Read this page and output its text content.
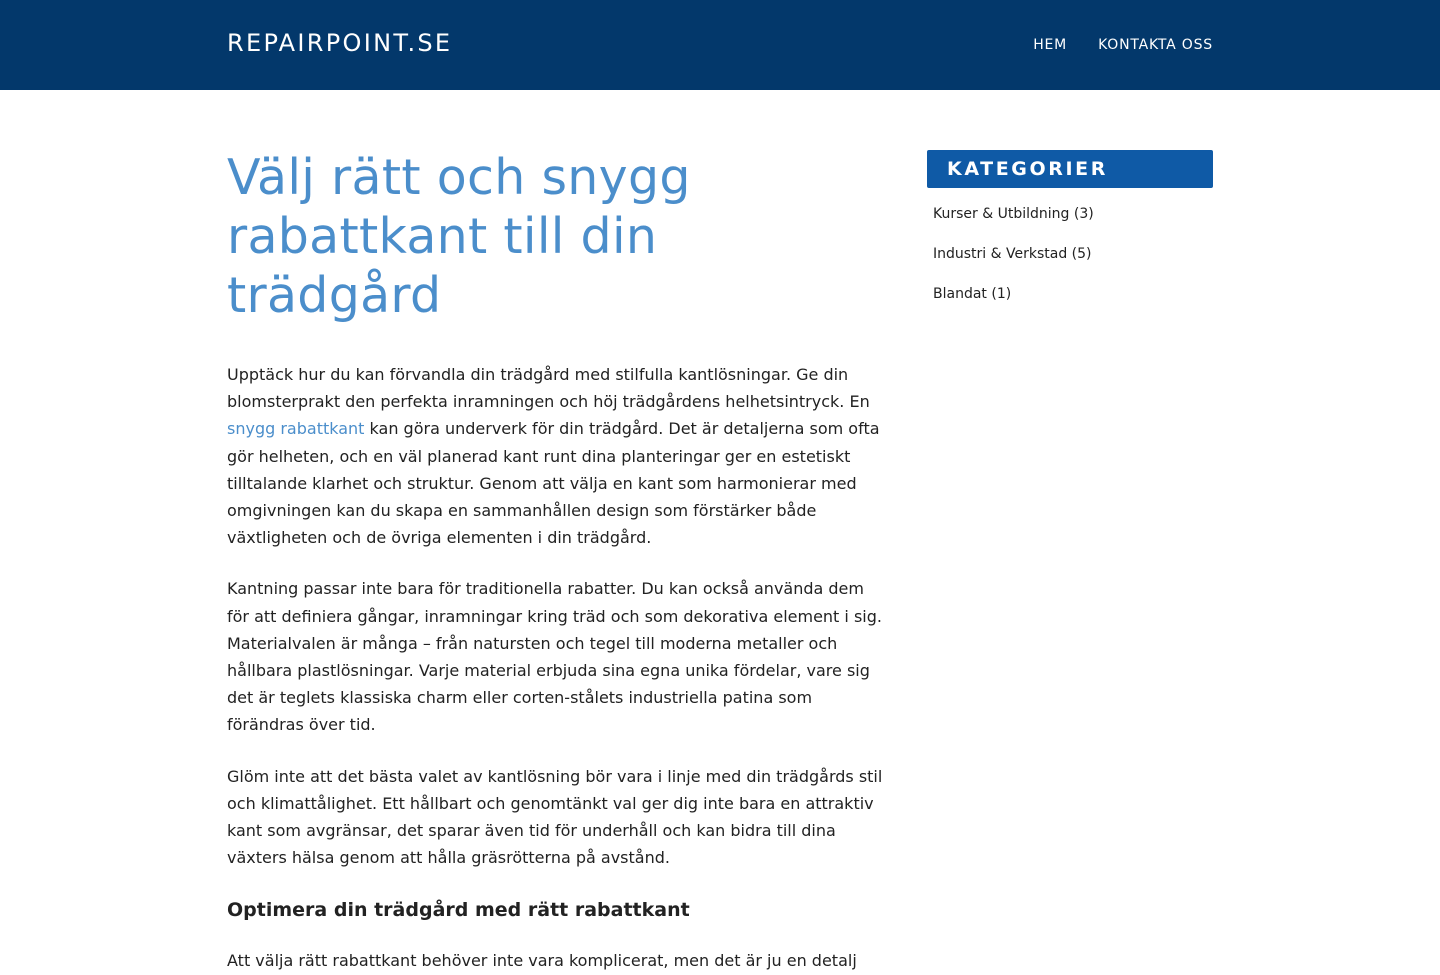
REPAIRPOINT.SE	HEM KONTAKTA OSS
Välj rätt och snygg rabattkant till din trädgård

Upptäck hur du kan förvandla din trädgård med stilfulla kantlösningar. Ge din blomsterprakt den perfekta inramningen och höj trädgårdens helhetsintryck. En snygg rabattkant kan göra underverk för din trädgård. Det är detaljerna som ofta gör helheten, och en väl planerad kant runt dina planteringar ger en estetiskt tilltalande klarhet och struktur. Genom att välja en kant som harmonierar med omgivningen kan du skapa en sammanhållen design som förstärker både växtligheten och de övriga elementen i din trädgård.

Kantning passar inte bara för traditionella rabatter. Du kan också använda dem för att definiera gångar, inramningar kring träd och som dekorativa element i sig. Materialvalen är många – från natursten och tegel till moderna metaller och hållbara plastlösningar. Varje material erbjuda sina egna unika fördelar, vare sig det är teglets klassiska charm eller corten-stålets industriella patina som förändras över tid.

Glöm inte att det bästa valet av kantlösning bör vara i linje med din trädgårds stil och klimattålighet. Ett hållbart och genomtänkt val ger dig inte bara en attraktiv kant som avgränsar, det sparar även tid för underhåll och kan bidra till dina växters hälsa genom att hålla gräsrötterna på avstånd.

Optimera din trädgård med rätt rabattkant

Att välja rätt rabattkant behöver inte vara komplicerat, men det är ju en detalj

KATEGORIER
Kurser & Utbildning (3)
Industri & Verkstad (5)
Blandat (1)
